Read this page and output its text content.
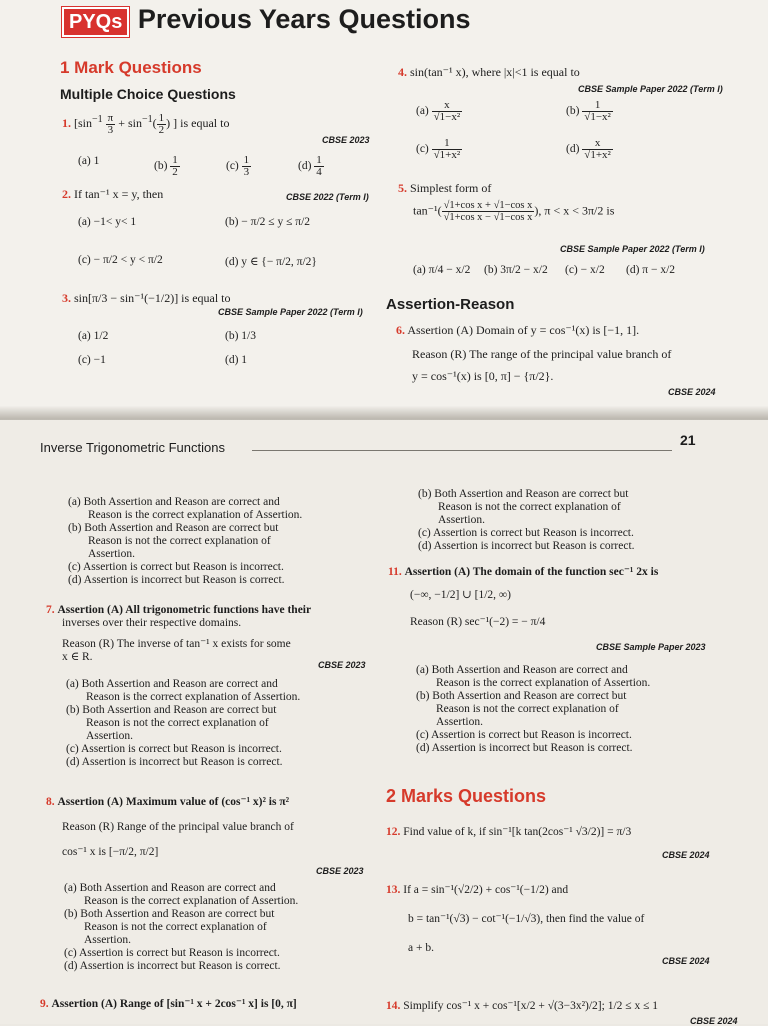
PYQs Previous Years Questions
1 Mark Questions
Multiple Choice Questions
1. [$\sin^{-1} \frac{\pi}{3} + \sin^{-1}( \frac{1}{2}$ ) ] is equal to
CBSE 2023
(a) 1	$(b) \frac{1}{2}$	$(c) \frac{1}{3}$	$(d) \frac{1}{4}$
2. If tan⁻¹ x = y, then	CBSE 2022 (Term I)
(a) −1< y< 1	(b) − π/2 ≤ y ≤ π/2
(c) − π/2 < y < π/2	(d) y ∈ {− π/2, π/2}
3. sin[π/3 − sin⁻¹(−1/2)] is equal to
CBSE Sample Paper 2022 (Term I)
(a) 1/2	(b) 1/3
(c) −1	(d) 1
4. sin(tan⁻¹ x), where |x|<1 is equal to
CBSE Sample Paper 2022 (Term I)
$(a) \frac{x}{\text{√1−x²}}$	$(b) \frac{1}{\text{√1−x²}}$
$(c) \frac{1}{\text{√1+x²}}$	$(d) \frac{x}{\text{√1+x²}}$
5. Simplest form of
$\tan^{-1}( \frac{\text{√1+cos x + √1−cos x}}{\text{√1+cos x − √1−cos x}}$ ), π < x < 3π/2 is
CBSE Sample Paper 2022 (Term I)
(a) π/4 − x/2 (b) 3π/2 − x/2 (c) − x/2 (d) π − x/2
Assertion-Reason
6. Assertion (A) Domain of y = cos⁻¹(x) is [−1, 1].
Reason (R) The range of the principal value branch of
y = cos⁻¹(x) is [0, π] − {π/2}.
CBSE 2024
Inverse Trigonometric Functions	21
(a) Both Assertion and Reason are correct and
Reason is the correct explanation of Assertion.
(b) Both Assertion and Reason are correct but
Reason is not the correct explanation of
Assertion.
(c) Assertion is correct but Reason is incorrect.
(d) Assertion is incorrect but Reason is correct.
7. Assertion (A) All trigonometric functions have their
inverses over their respective domains.
Reason (R) The inverse of tan⁻¹ x exists for some
x ∈ R.
CBSE 2023
(a) Both Assertion and Reason are correct and
Reason is the correct explanation of Assertion.
(b) Both Assertion and Reason are correct but
Reason is not the correct explanation of
Assertion.
(c) Assertion is correct but Reason is incorrect.
(d) Assertion is incorrect but Reason is correct.
8. Assertion (A) Maximum value of (cos⁻¹ x)² is π²
Reason (R) Range of the principal value branch of
cos⁻¹ x is [−π/2, π/2]
CBSE 2023
(a) Both Assertion and Reason are correct and
Reason is the correct explanation of Assertion.
(b) Both Assertion and Reason are correct but
Reason is not the correct explanation of
Assertion.
(c) Assertion is correct but Reason is incorrect.
(d) Assertion is incorrect but Reason is correct.
9. Assertion (A) Range of [sin⁻¹ x + 2cos⁻¹ x] is [0, π]
(b) Both Assertion and Reason are correct but
Reason is not the correct explanation of
Assertion.
(c) Assertion is correct but Reason is incorrect.
(d) Assertion is incorrect but Reason is correct.
11. Assertion (A) The domain of the function sec⁻¹ 2x is
(−∞, −1/2] ∪ [1/2, ∞)
Reason (R) sec⁻¹(−2) = − π/4
CBSE Sample Paper 2023
(a) Both Assertion and Reason are correct and
Reason is the correct explanation of Assertion.
(b) Both Assertion and Reason are correct but
Reason is not the correct explanation of
Assertion.
(c) Assertion is correct but Reason is incorrect.
(d) Assertion is incorrect but Reason is correct.
2 Marks Questions
12. Find value of k, if sin⁻¹[k tan(2cos⁻¹ √3/2)] = π/3
CBSE 2024
13. If a = sin⁻¹(√2/2) + cos⁻¹(−1/2) and
b = tan⁻¹(√3) − cot⁻¹(−1/√3), then find the value of
a + b.
CBSE 2024
14. Simplify cos⁻¹ x + cos⁻¹[x/2 + √(3−3x²)/2]; 1/2 ≤ x ≤ 1
CBSE 2024
